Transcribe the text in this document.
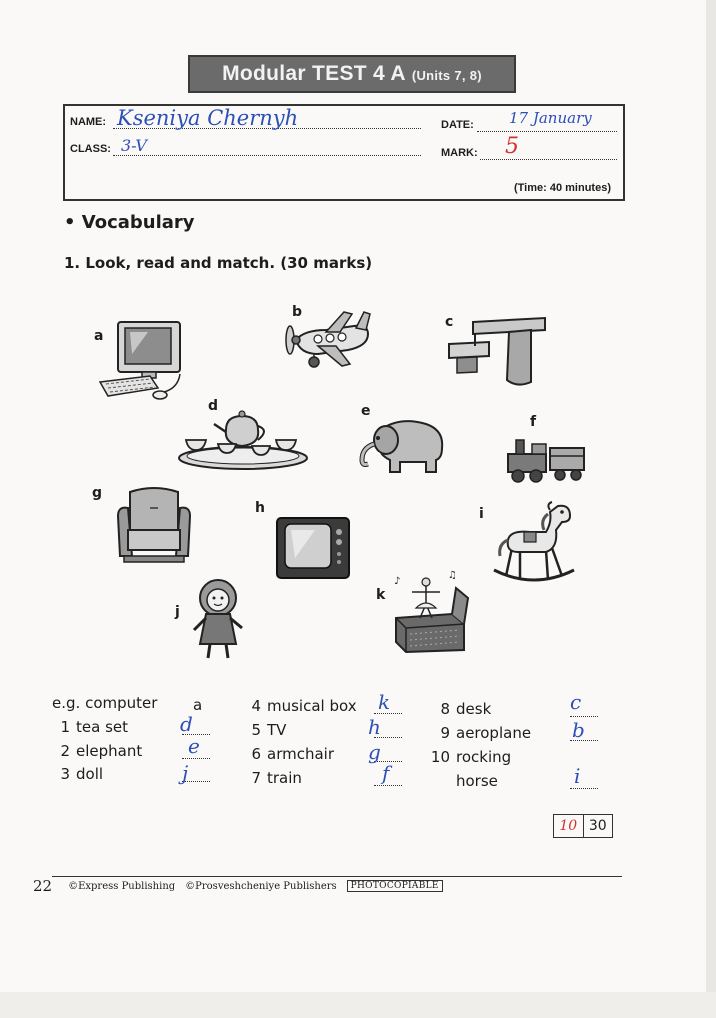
Modular TEST 4 A (Units 7, 8)
NAME: Kseniya Chernyh	DATE: 17 January
CLASS: 3-V	MARK: 5
(Time: 40 minutes)
• Vocabulary
1. Look, read and match. (30 marks)
a
b
c
d	e
f
g
h	i
j
k
♪
♫
e.g. computer a
1 tea set	d
2 elephant e
3 doll	j
4 musical box k
5 TV	h
6 armchair g
7 train	f
8 desk	c
9 aeroplane b
10 rocking
horse	i
10 30
22 ©Express Publishing ©Prosveshcheniye Publishers	PHOTOCOPIABLE
